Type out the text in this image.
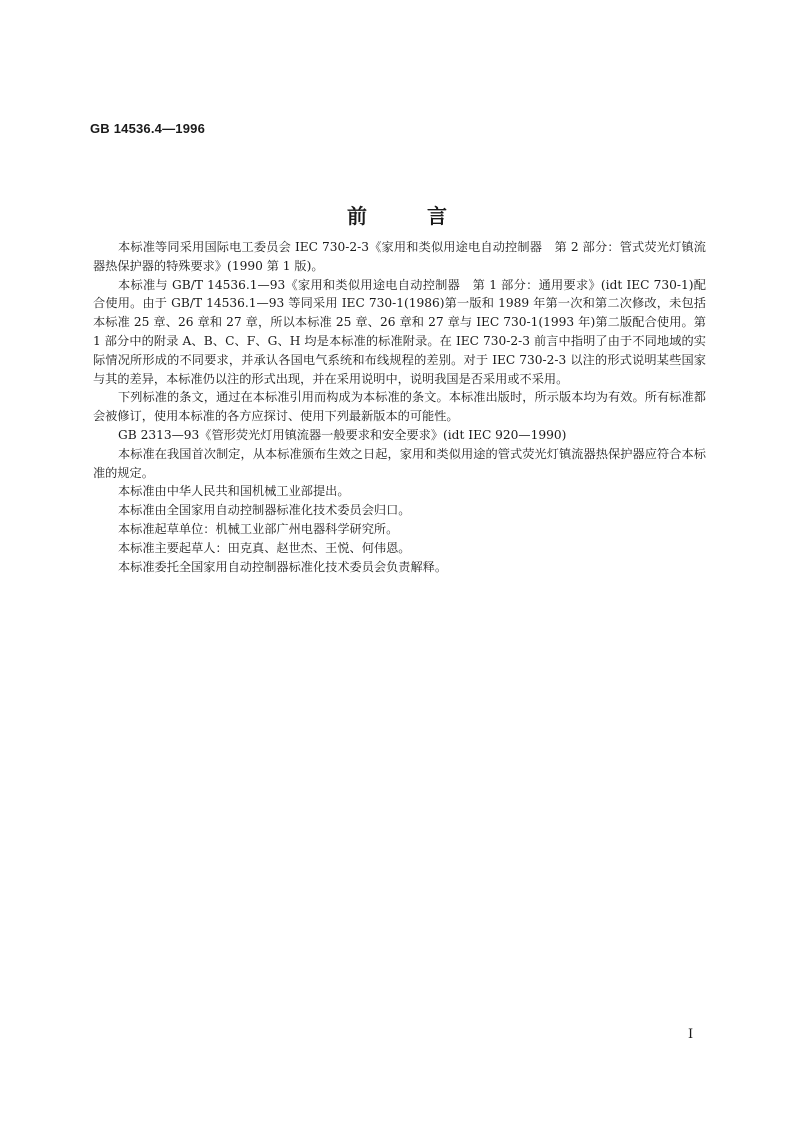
GB 14536.4—1996
前	言

本标准等同采用国际电工委员会 IEC 730-2-3《家用和类似用途电自动控制器　第 2 部分：管式荧光灯镇流器热保护器的特殊要求》(1990 第 1 版)。

本标准与 GB/T 14536.1—93《家用和类似用途电自动控制器　第 1 部分：通用要求》(idt IEC 730-1)配合使用。由于 GB/T 14536.1—93 等同采用 IEC 730-1(1986)第一版和 1989 年第一次和第二次修改，未包括本标准 25 章、26 章和 27 章，所以本标准 25 章、26 章和 27 章与 IEC 730-1(1993 年)第二版配合使用。第 1 部分中的附录 A、B、C、F、G、H 均是本标准的标准附录。在 IEC 730-2-3 前言中指明了由于不同地域的实际情况所形成的不同要求，并承认各国电气系统和布线规程的差别。对于 IEC 730-2-3 以注的形式说明某些国家与其的差异，本标准仍以注的形式出现，并在采用说明中，说明我国是否采用或不采用。

下列标准的条文，通过在本标准引用而构成为本标准的条文。本标准出版时，所示版本均为有效。所有标准都会被修订，使用本标准的各方应探讨、使用下列最新版本的可能性。

GB 2313—93《管形荧光灯用镇流器一般要求和安全要求》(idt IEC 920—1990)

本标准在我国首次制定，从本标准颁布生效之日起，家用和类似用途的管式荧光灯镇流器热保护器应符合本标准的规定。

本标准由中华人民共和国机械工业部提出。

本标准由全国家用自动控制器标准化技术委员会归口。

本标准起草单位：机械工业部广州电器科学研究所。

本标准主要起草人：田克真、赵世杰、王悦、何伟恩。

本标准委托全国家用自动控制器标准化技术委员会负责解释。

I
